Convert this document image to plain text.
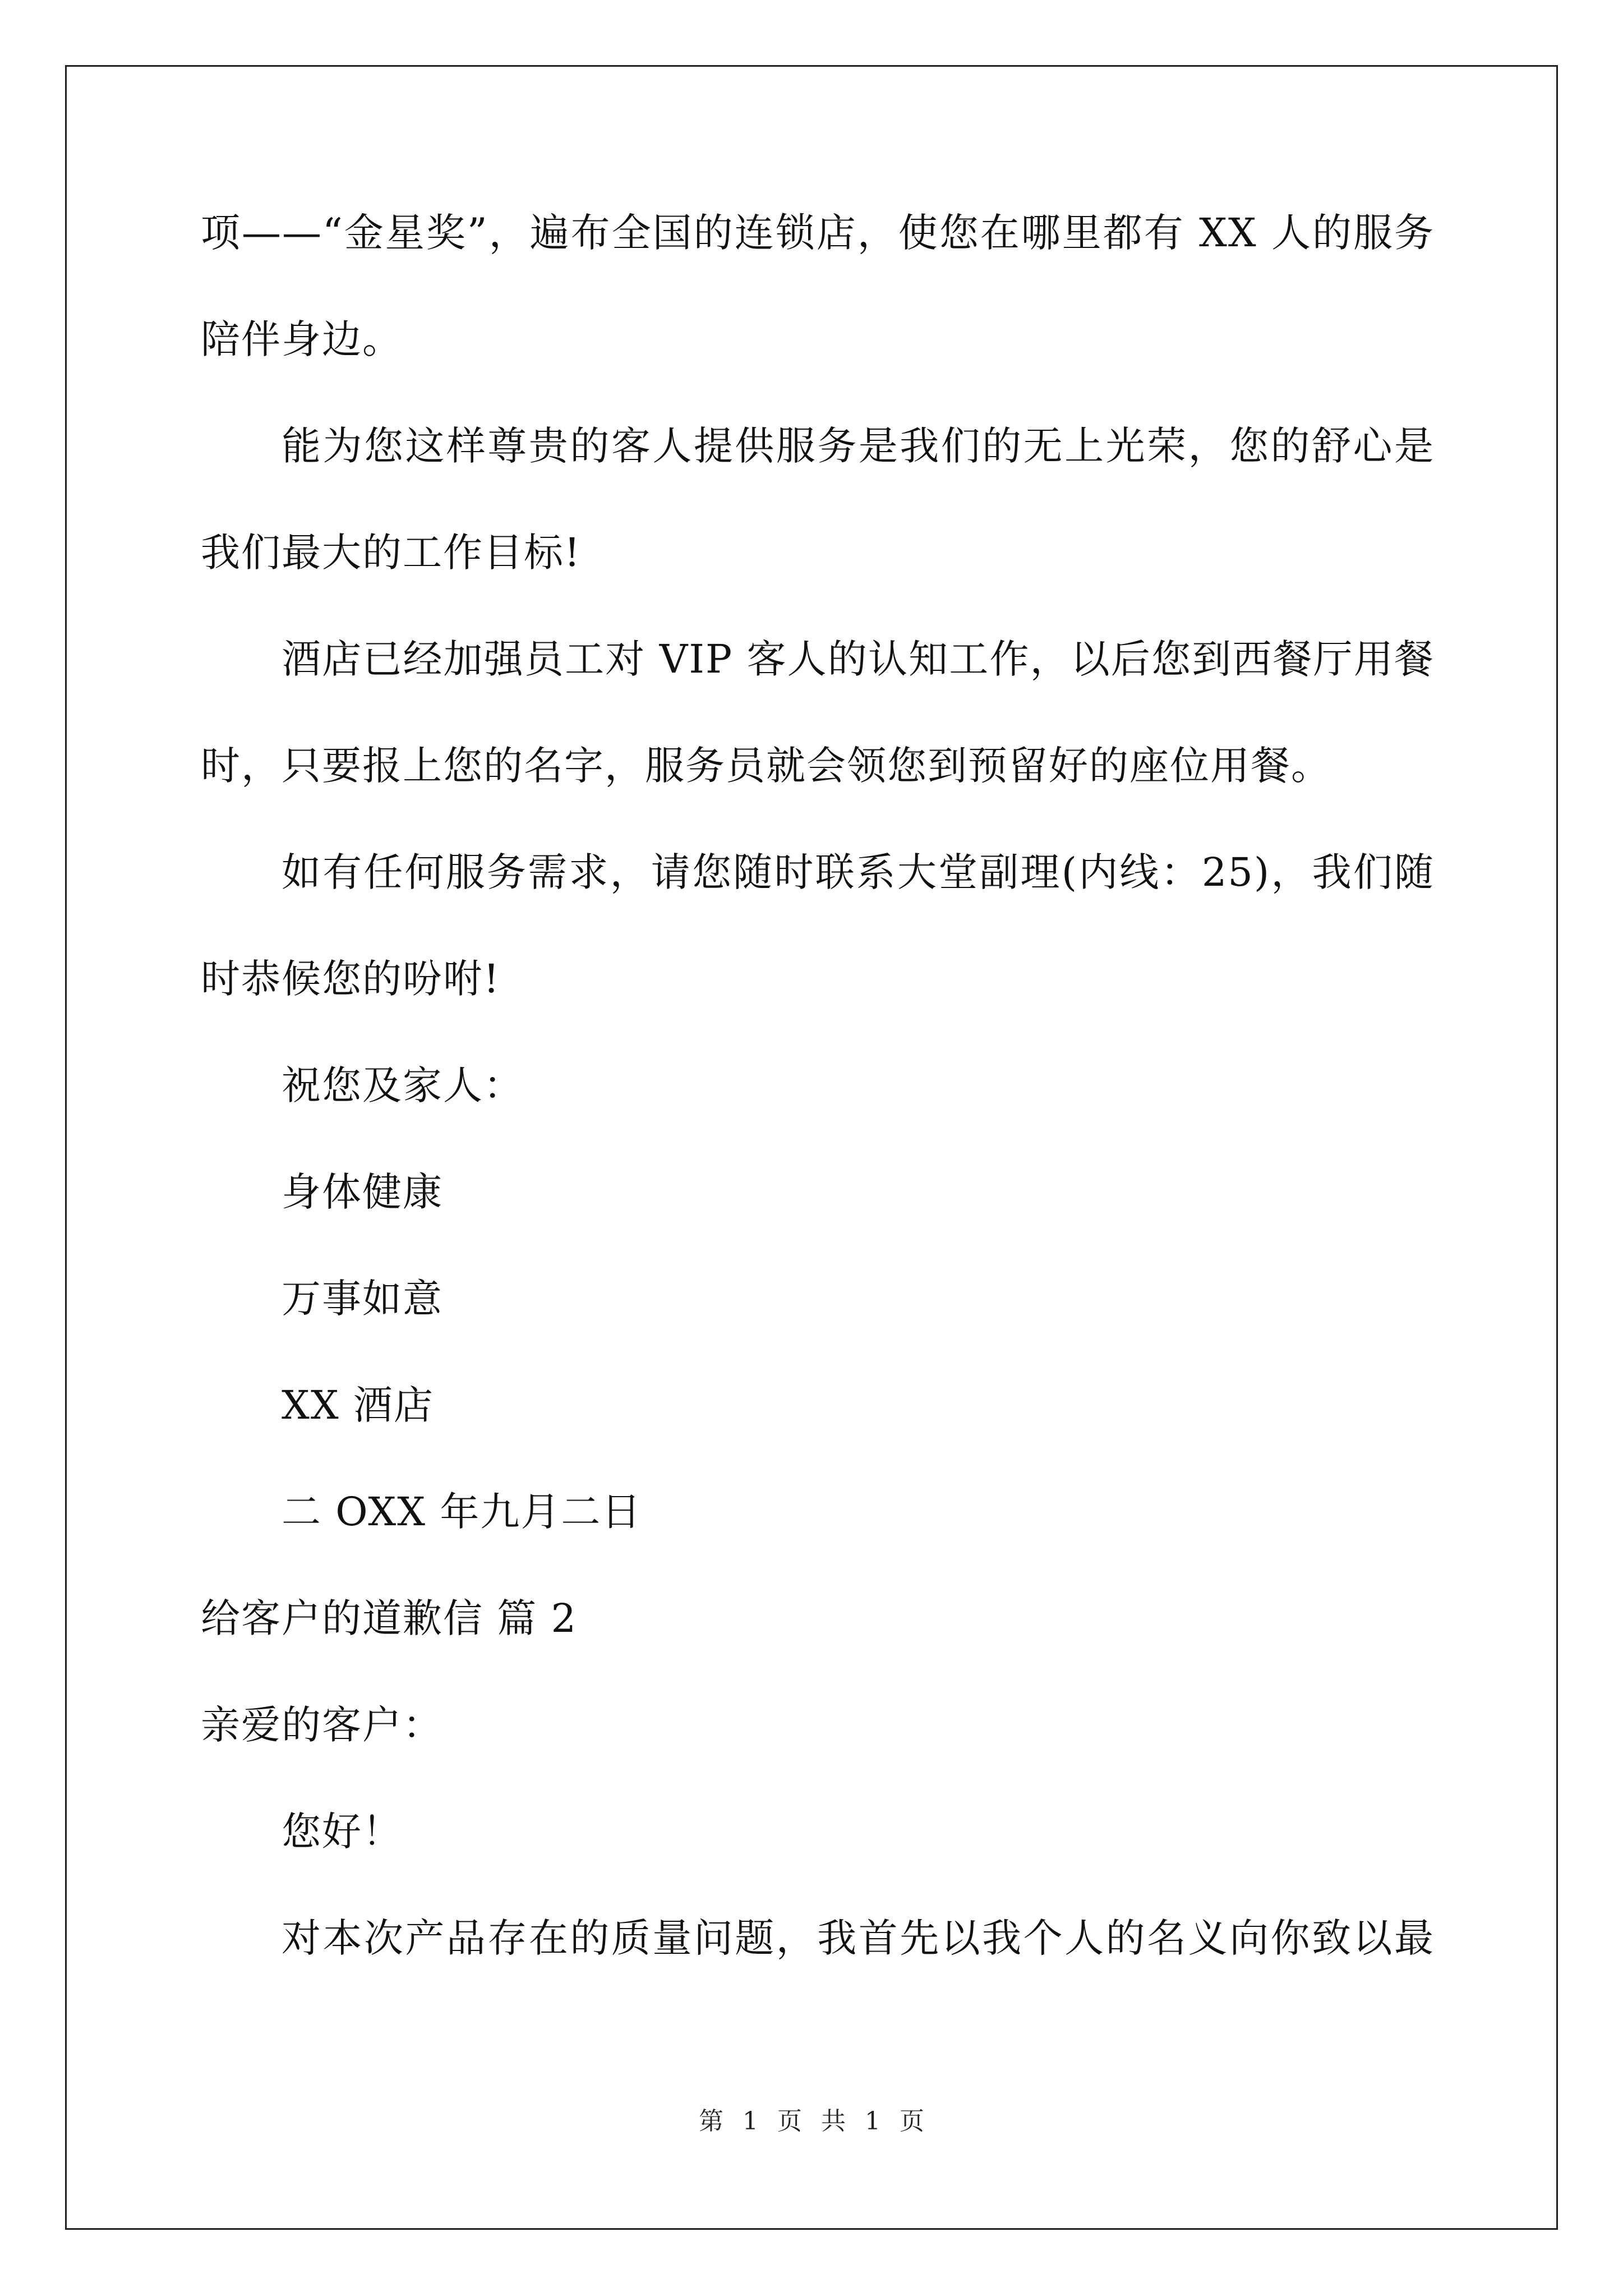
项——“金星奖”，遍布全国的连锁店，使您在哪里都有 XX 人的服务
陪伴身边。
能为您这样尊贵的客人提供服务是我们的无上光荣，您的舒心是
我们最大的工作目标!
酒店已经加强员工对 VIP 客人的认知工作，以后您到西餐厅用餐
时，只要报上您的名字，服务员就会领您到预留好的座位用餐。
如有任何服务需求，请您随时联系大堂副理(内线：25)，我们随
时恭候您的吩咐!
祝您及家人：
身体健康
万事如意
XX 酒店
二 OXX 年九月二日
给客户的道歉信 篇 2
亲爱的客户：
您好！
对本次产品存在的质量问题，我首先以我个人的名义向你致以最
第 1 页 共 1 页
